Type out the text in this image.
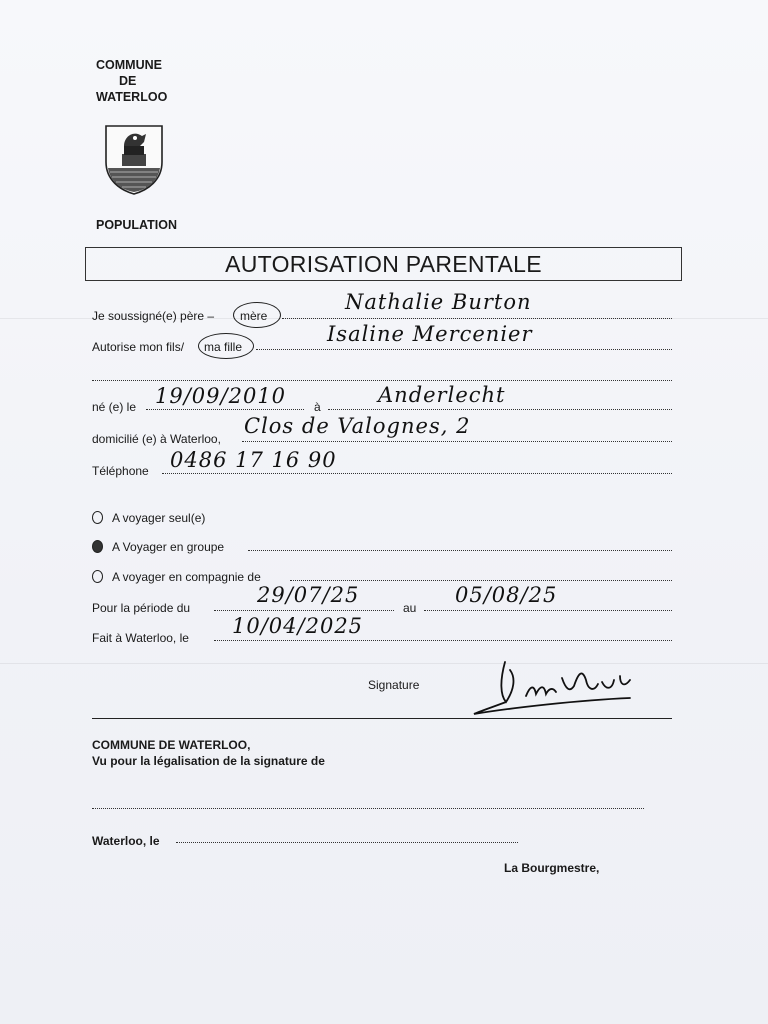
COMMUNE
DE
WATERLOO
POPULATION
AUTORISATION PARENTALE
Je soussigné(e) père – mère
Nathalie Burton
Autorise mon fils/ ma fille
Isaline Mercenier
né (e) le 19/09/2010 à	Anderlecht
domicilié (e) à Waterloo,
Clos de Valognes, 2
Téléphone 0486 17 16 90
A voyager seul(e)
A Voyager en groupe
A voyager en compagnie de
Pour la période du
29/07/25
au
05/08/25
Fait à Waterloo, le 10/04/2025
Signature
COMMUNE DE WATERLOO,
Vu pour la légalisation de la signature de
Waterloo, le
La Bourgmestre,
